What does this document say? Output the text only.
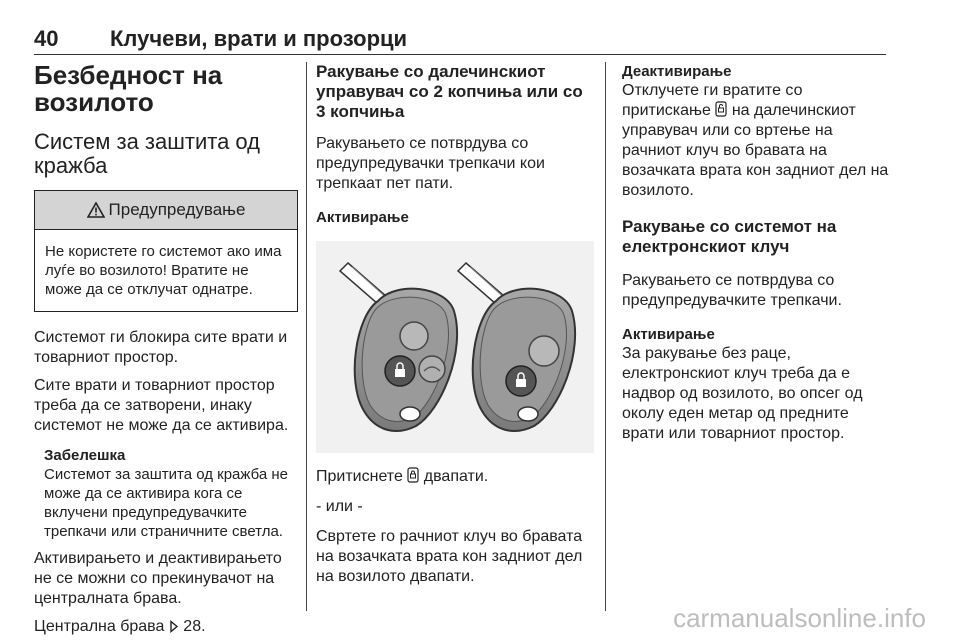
40 Клучеви, врати и прозорци
Безбедност на возилото
Систем за заштита од кражба
Предупредување

Не користете го системот ако има луѓе во возилото! Вратите не може да се отклучат однатре.

Системот ги блокира сите врати и товарниот простор.

Сите врати и товарниот простор треба да се затворени, инаку системот не може да се активира.

Забелешка

Системот за заштита од кражба не може да се активира кога се вклучени предупредувачките трепкачи или страничните светла.

Активирањето и деактивирањето не се можни со прекинувачот на централната брава.

Централна брава 28.

Ракување со далечинскиот управувач со 2 копчиња или со 3 копчиња

Ракувањето се потврдува со предупредувачки трепкачи кои трепкаат пет пати.

Активирање

Притиснете двапати.

- или -

Свртете го рачниот клуч во бравата на возачката врата кон задниот дел на возилото двапати.

Деактивирање

Отклучете ги вратите со притискање на далечинскиот управувач или со вртење на рачниот клуч во бравата на возачката врата кон задниот дел на возилото.

Ракување со системот на електронскиот клуч

Ракувањето се потврдува со предупредувачките трепкачи.

Активирање

За ракување без раце, електронскиот клуч треба да е надвор од возилото, во опсег од околу еден метар од предните врати или товарниот простор.

carmanualsonline.info
